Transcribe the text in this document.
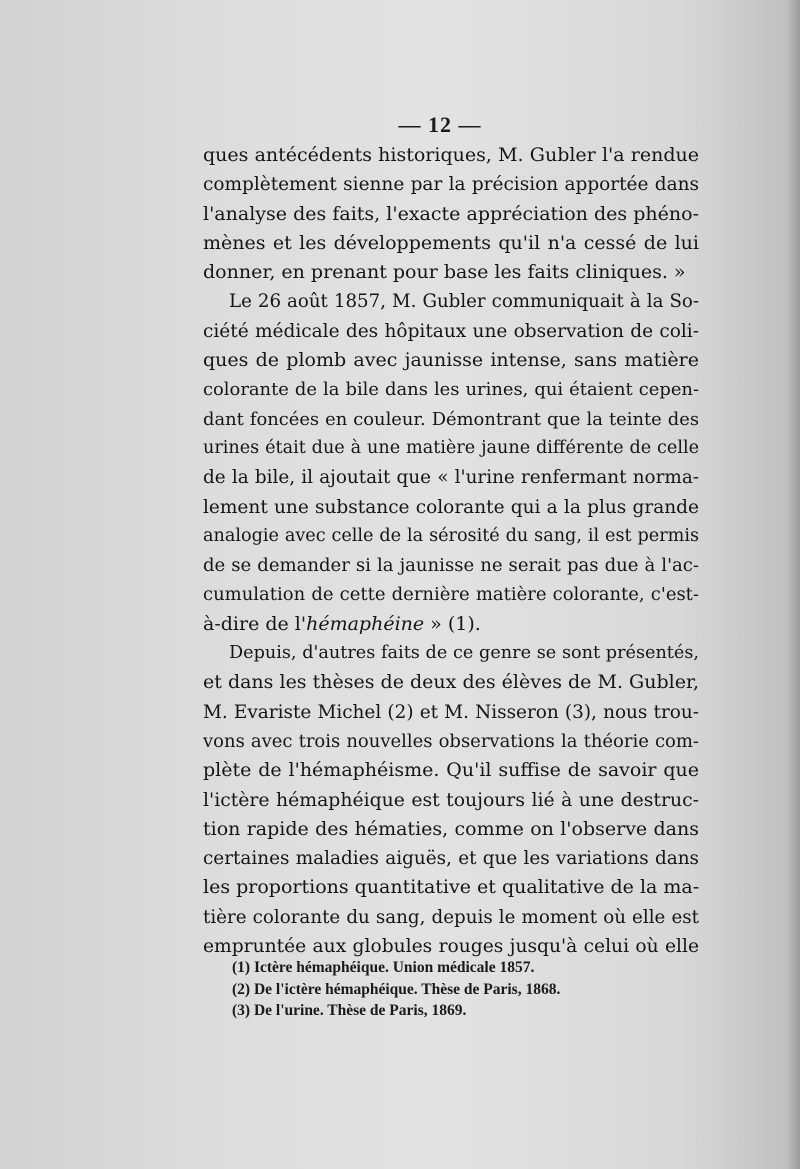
— 12 —

ques antécédents historiques, M. Gubler l'a rendue
complètement sienne par la précision apportée dans
l'analyse des faits, l'exacte appréciation des phéno-
mènes et les développements qu'il n'a cessé de lui
donner, en prenant pour base les faits cliniques. »

Le 26 août 1857, M. Gubler communiquait à la So-
ciété médicale des hôpitaux une observation de coli-
ques de plomb avec jaunisse intense, sans matière
colorante de la bile dans les urines, qui étaient cepen-
dant foncées en couleur. Démontrant que la teinte des
urines était due à une matière jaune différente de celle
de la bile, il ajoutait que « l'urine renfermant norma-
lement une substance colorante qui a la plus grande
analogie avec celle de la sérosité du sang, il est permis
de se demander si la jaunisse ne serait pas due à l'ac-
cumulation de cette dernière matière colorante, c'est-
à-dire de l'hémaphéine » (1).

Depuis, d'autres faits de ce genre se sont présentés,
et dans les thèses de deux des élèves de M. Gubler,
M. Evariste Michel (2) et M. Nisseron (3), nous trou-
vons avec trois nouvelles observations la théorie com-
plète de l'hémaphéisme. Qu'il suffise de savoir que
l'ictère hémaphéique est toujours lié à une destruc-
tion rapide des hématies, comme on l'observe dans
certaines maladies aiguës, et que les variations dans
les proportions quantitative et qualitative de la ma-
tière colorante du sang, depuis le moment où elle est
empruntée aux globules rouges jusqu'à celui où elle

(1) Ictère hémaphéique. Union médicale 1857.
(2) De l'ictère hémaphéique. Thèse de Paris, 1868.
(3) De l'urine. Thèse de Paris, 1869.
